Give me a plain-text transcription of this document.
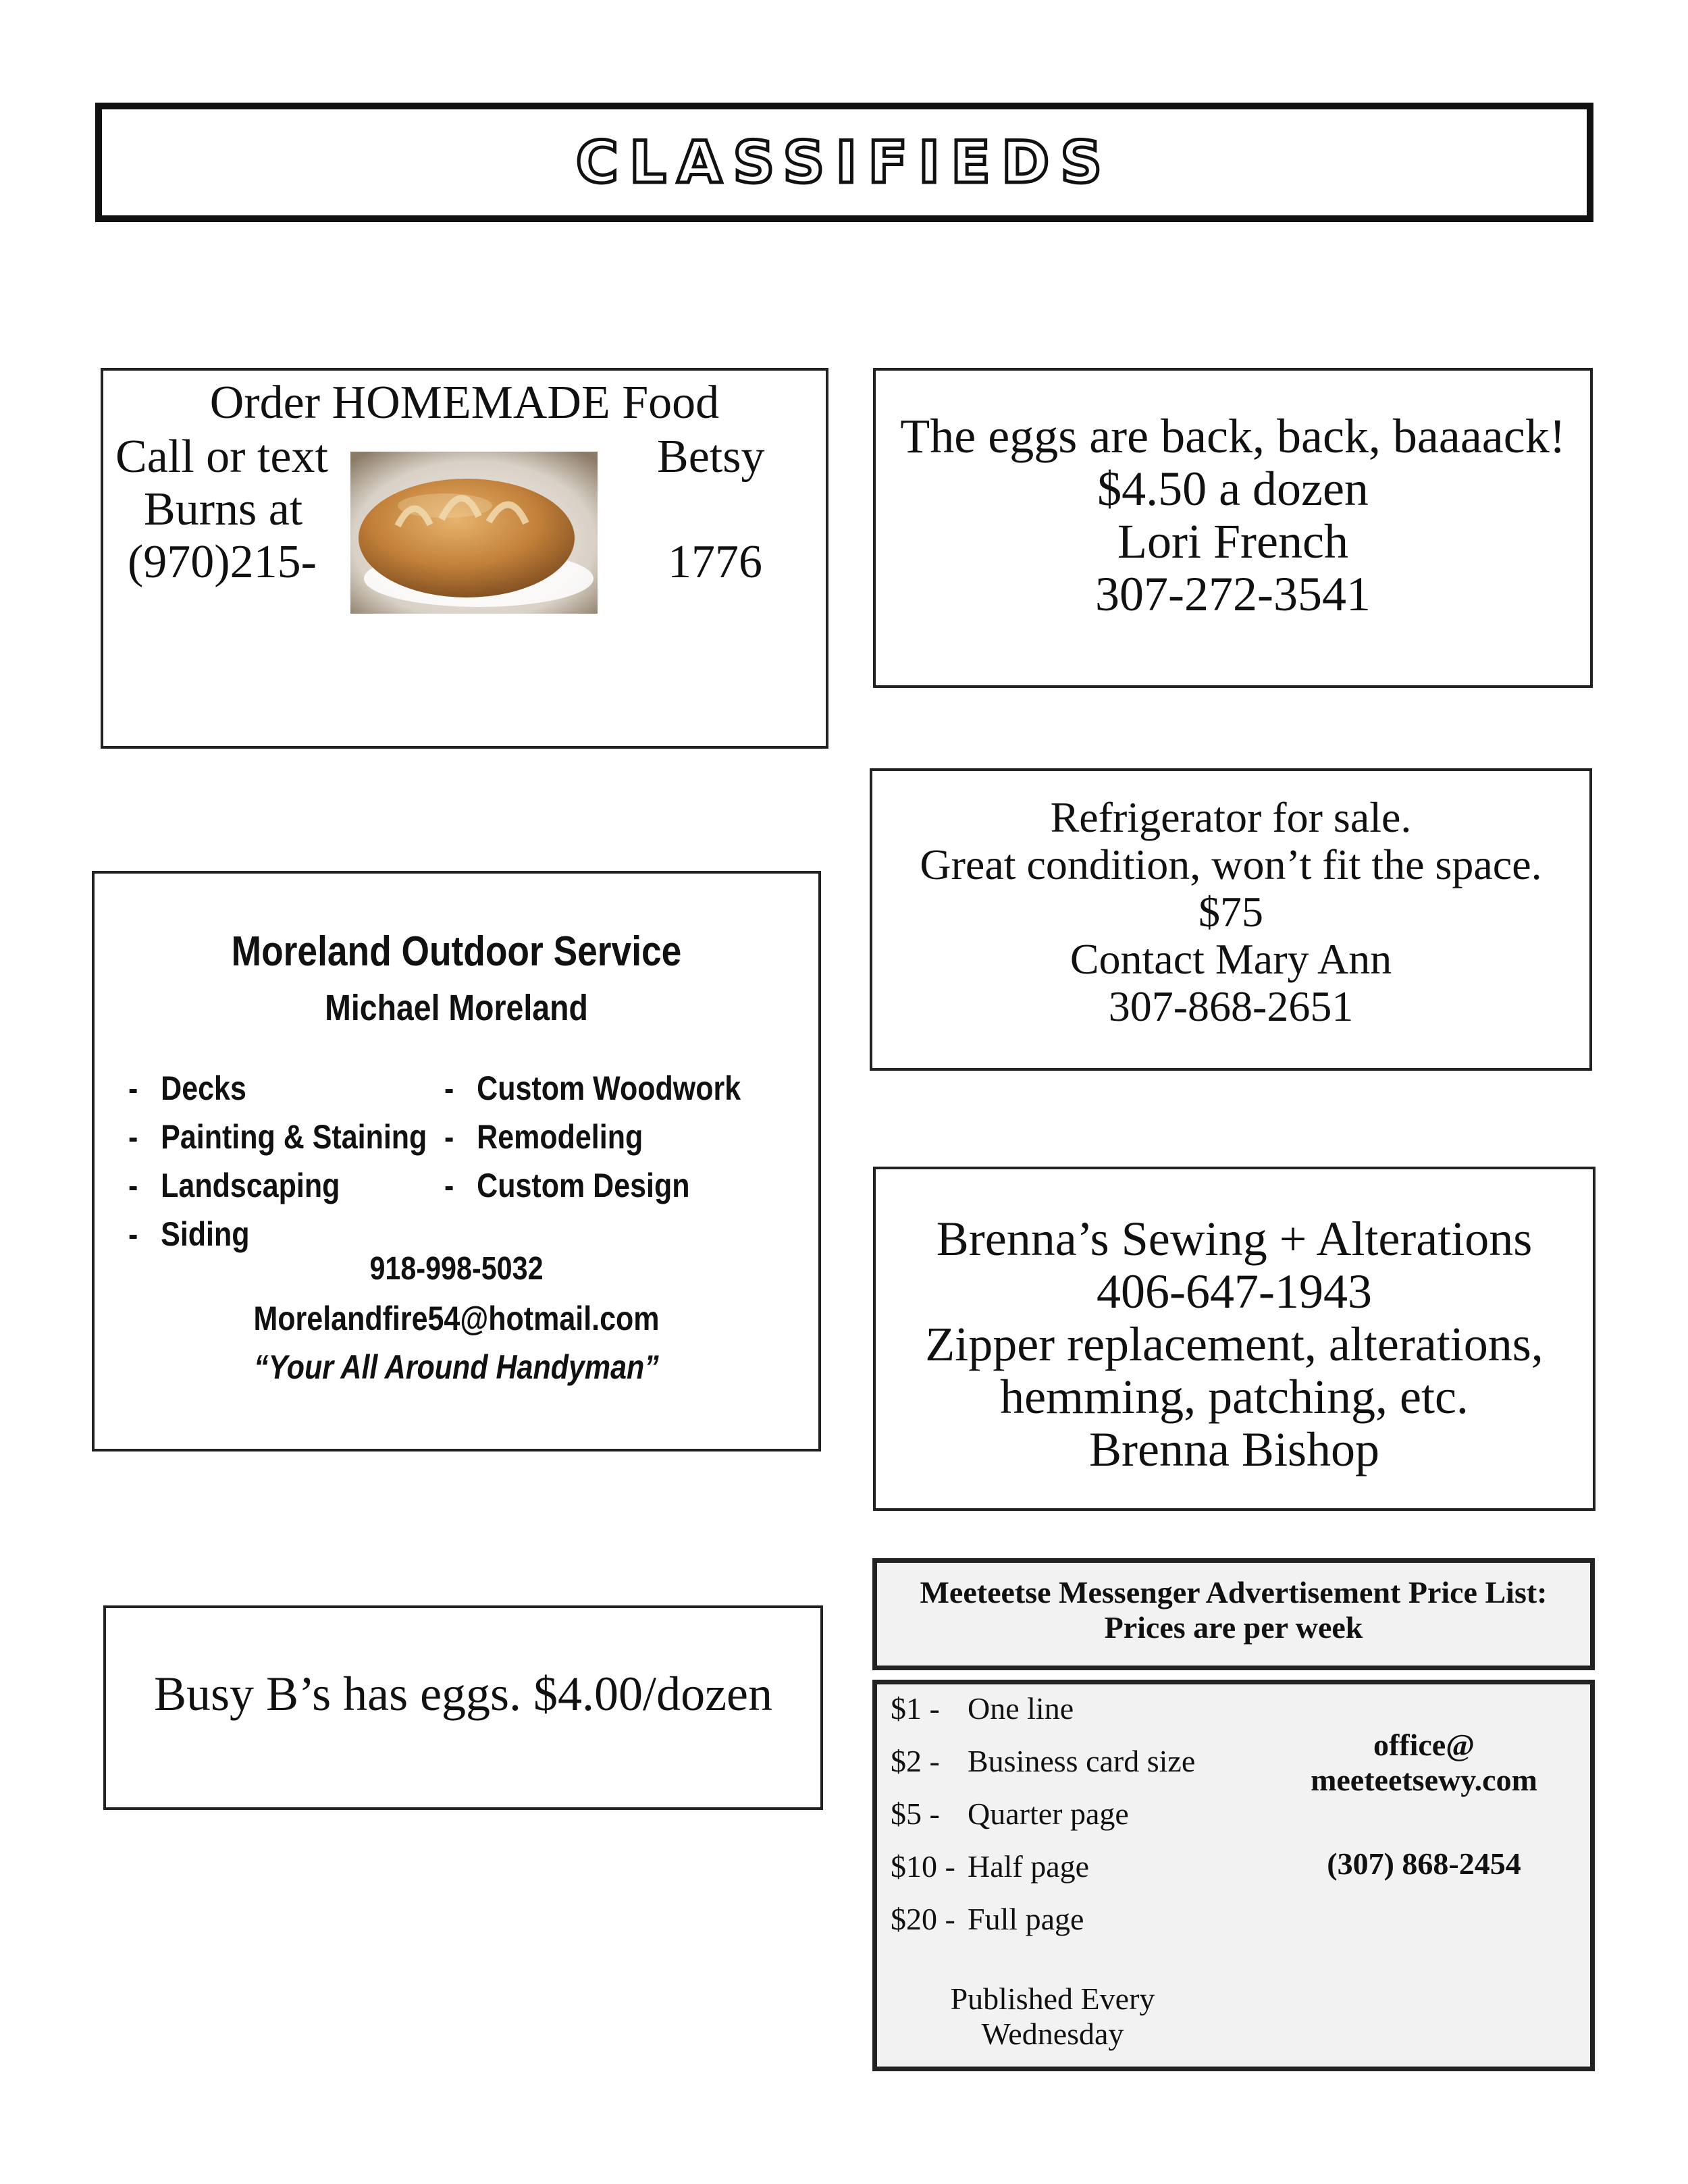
CLASSIFIEDS
Order HOMEMADE Food
Call or text
Burns at
(970)215-
Betsy
1776
The eggs are back, back, baaaack!
$4.50 a dozen
Lori French
307-272-3541
Refrigerator for sale.
Great condition, won’t fit the space.
$75
Contact Mary Ann
307-868-2651
Moreland Outdoor Service
Michael Moreland
- Decks
- Painting & Staining
- Landscaping
- Siding
- Custom Woodwork
- Remodeling
- Custom Design
918-998-5032
Morelandfire54@hotmail.com
“Your All Around Handyman”
Brenna’s Sewing + Alterations
406-647-1943
Zipper replacement, alterations,
hemming, patching, etc.
Brenna Bishop
Busy B’s has eggs. $4.00/dozen
Meeteetse Messenger Advertisement Price List:
Prices are per week
$1 - One line
$2 - Business card size
$5 - Quarter page
$10 - Half page
$20 - Full page
office@
meeteetsewy.com
(307) 868-2454
Published Every
Wednesday
